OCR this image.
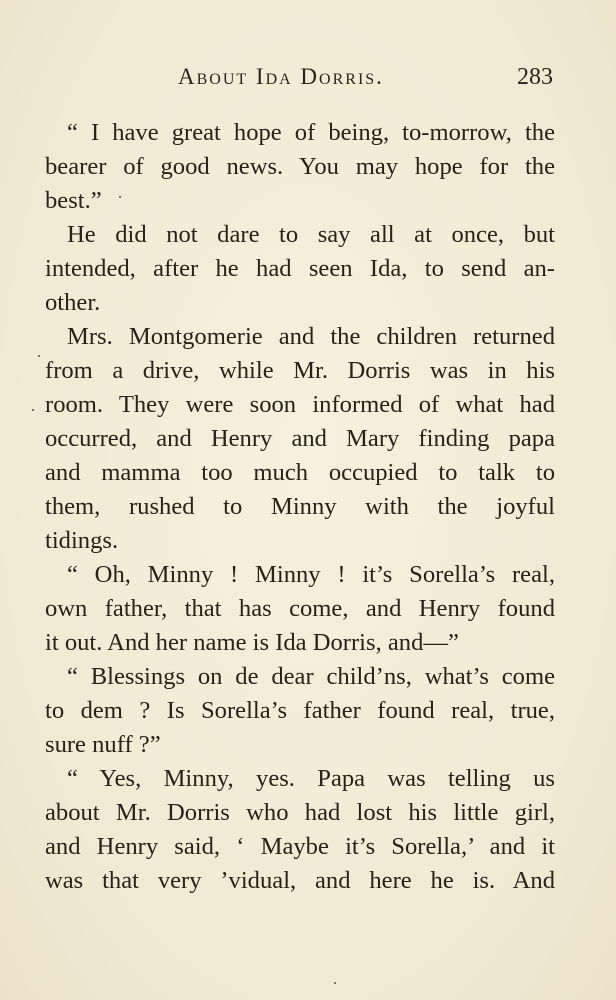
About Ida Dorris.	283
“ I have great hope of being, to-morrow, the
bearer of good news. You may hope for the
best.”
He did not dare to say all at once, but
intended, after he had seen Ida, to send an-
other.
Mrs. Montgomerie and the children returned
from a drive, while Mr. Dorris was in his
room. They were soon informed of what had
occurred, and Henry and Mary finding papa
and mamma too much occupied to talk to
them, rushed to Minny with the joyful
tidings.
“ Oh, Minny ! Minny ! it’s Sorella’s real,
own father, that has come, and Henry found
it out. And her name is Ida Dorris, and—”
“ Blessings on de dear child’ns, what’s come
to dem ? Is Sorella’s father found real, true,
sure nuff ?”
“ Yes, Minny, yes. Papa was telling us
about Mr. Dorris who had lost his little girl,
and Henry said, ‘ Maybe it’s Sorella,’ and it
was that very ’vidual, and here he is. And
